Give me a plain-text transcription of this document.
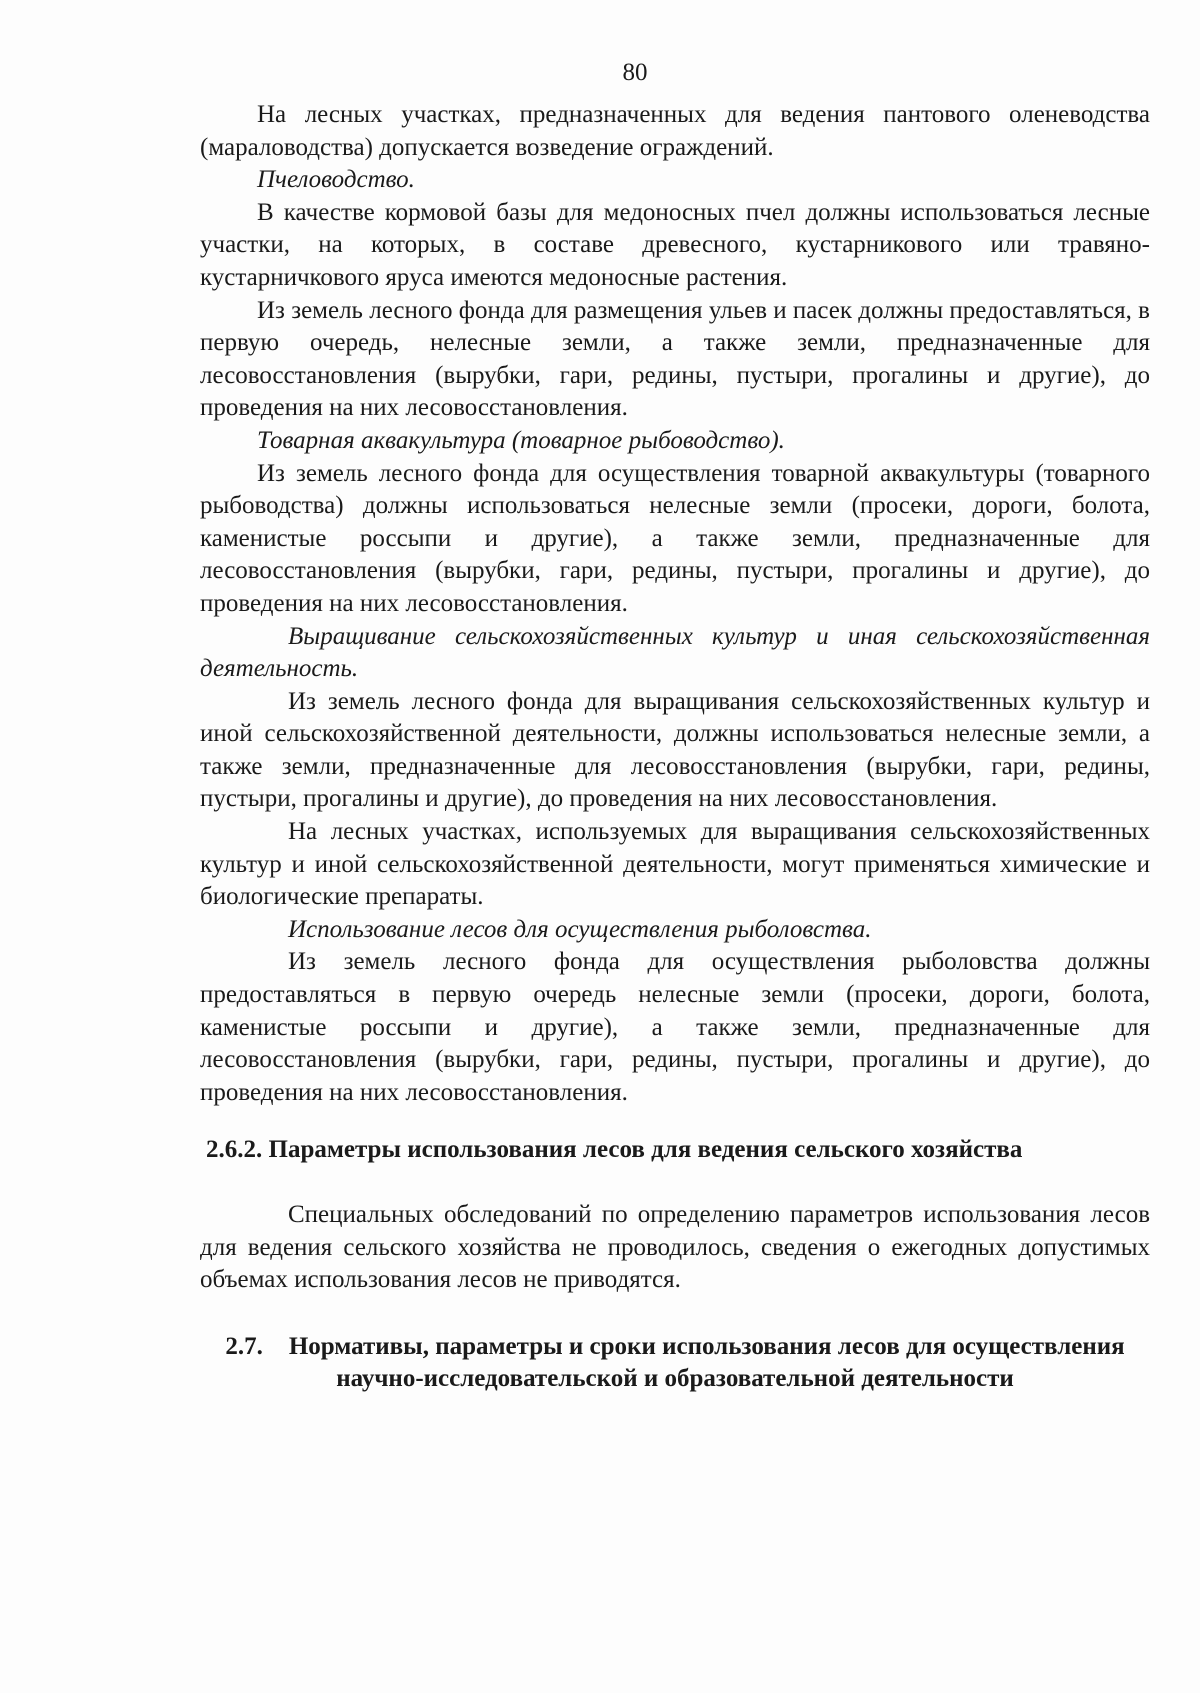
80

На лесных участках, предназначенных для ведения пантового оленеводства (мараловодства) допускается возведение ограждений.

Пчеловодство.

В качестве кормовой базы для медоносных пчел должны использоваться лесные участки, на которых, в составе древесного, кустарникового или травяно-кустарничкового яруса имеются медоносные растения.

Из земель лесного фонда для размещения ульев и пасек должны предоставляться, в первую очередь, нелесные земли, а также земли, предназначенные для лесовосстановления (вырубки, гари, редины, пустыри, прогалины и другие), до проведения на них лесовосстановления.

Товарная аквакультура (товарное рыбоводство).

Из земель лесного фонда для осуществления товарной аквакультуры (товарного рыбоводства) должны использоваться нелесные земли (просеки, дороги, болота, каменистые россыпи и другие), а также земли, предназначенные для лесовосстановления (вырубки, гари, редины, пустыри, прогалины и другие), до проведения на них лесовосстановления.

Выращивание сельскохозяйственных культур и иная сельскохозяйственная деятельность.

Из земель лесного фонда для выращивания сельскохозяйственных культур и иной сельскохозяйственной деятельности, должны использоваться нелесные земли, а также земли, предназначенные для лесовосстановления (вырубки, гари, редины, пустыри, прогалины и другие), до проведения на них лесовосстановления.

На лесных участках, используемых для выращивания сельскохозяйственных культур и иной сельскохозяйственной деятельности, могут применяться химические и биологические препараты.

Использование лесов для осуществления рыболовства.

Из земель лесного фонда для осуществления рыболовства должны предоставляться в первую очередь нелесные земли (просеки, дороги, болота, каменистые россыпи и другие), а также земли, предназначенные для лесовосстановления (вырубки, гари, редины, пустыри, прогалины и другие), до проведения на них лесовосстановления.

2.6.2. Параметры использования лесов для ведения сельского хозяйства

Специальных обследований по определению параметров использования лесов для ведения сельского хозяйства не проводилось, сведения о ежегодных допустимых объемах использования лесов не приводятся.

2.7. Нормативы, параметры и сроки использования лесов для осуществления научно-исследовательской и образовательной деятельности
